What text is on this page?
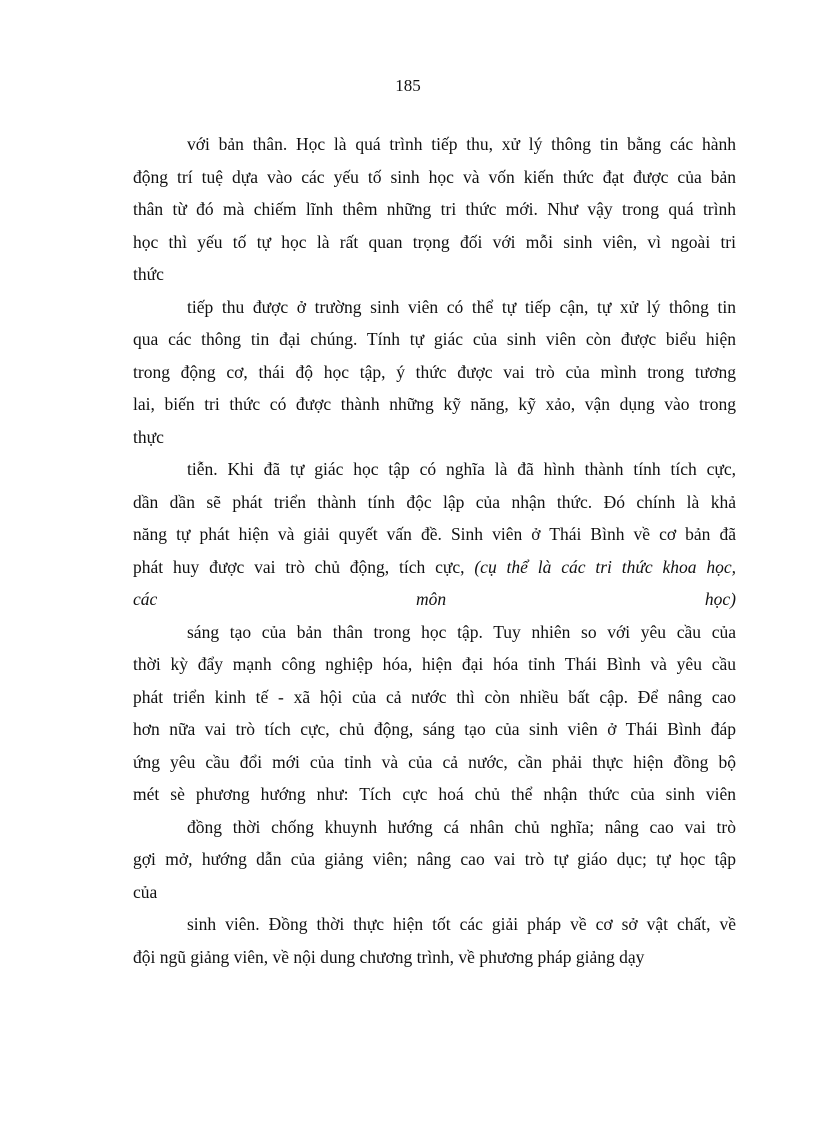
185
với bản thân. Học là quá trình tiếp thu, xử lý thông tin bằng các hành
động trí tuệ dựa vào các yếu tố sinh học và vốn kiến thức đạt được của bản
thân từ đó mà chiếm lĩnh thêm những tri thức mới. Như vậy trong quá trình
học thì yếu tố tự học là rất quan trọng đối với mỗi sinh viên, vì ngoài tri
thức
tiếp thu được ở trường sinh viên có thể tự tiếp cận, tự xử lý thông tin
qua các thông tin đại chúng. Tính tự giác của sinh viên còn được biểu hiện
trong động cơ, thái độ học tập, ý thức được vai trò của mình trong tương
lai, biến tri thức có được thành những kỹ năng, kỹ xảo, vận dụng vào trong
thực
tiễn. Khi đã tự giác học tập có nghĩa là đã hình thành tính tích cực,
dần dần sẽ phát triển thành tính độc lập của nhận thức. Đó chính là khả
năng tự phát hiện và giải quyết vấn đề. Sinh viên ở Thái Bình về cơ bản đã
phát huy được vai trò chủ động, tích cực, (cụ thể là các tri thức khoa học,
các	môn	học)
sáng tạo của bản thân trong học tập. Tuy nhiên so với yêu cầu của
thời kỳ đẩy mạnh công nghiệp hóa, hiện đại hóa tỉnh Thái Bình và yêu cầu
phát triển kinh tế - xã hội của cả nước thì còn nhiều bất cập. Để nâng cao
hơn nữa vai trò tích cực, chủ động, sáng tạo của sinh viên ở Thái Bình đáp
ứng yêu cầu đổi mới của tỉnh và của cả nước, cần phải thực hiện đồng bộ
mét sè phương hướng như: Tích cực hoá chủ thể nhận thức của sinh viên
đồng thời chống khuynh hướng cá nhân chủ nghĩa; nâng cao vai trò
gợi mở, hướng dẫn của giảng viên; nâng cao vai trò tự giáo dục; tự học tập
của
sinh viên. Đồng thời thực hiện tốt các giải pháp về cơ sở vật chất, về
đội ngũ giảng viên, về nội dung chương trình, về phương pháp giảng dạy
